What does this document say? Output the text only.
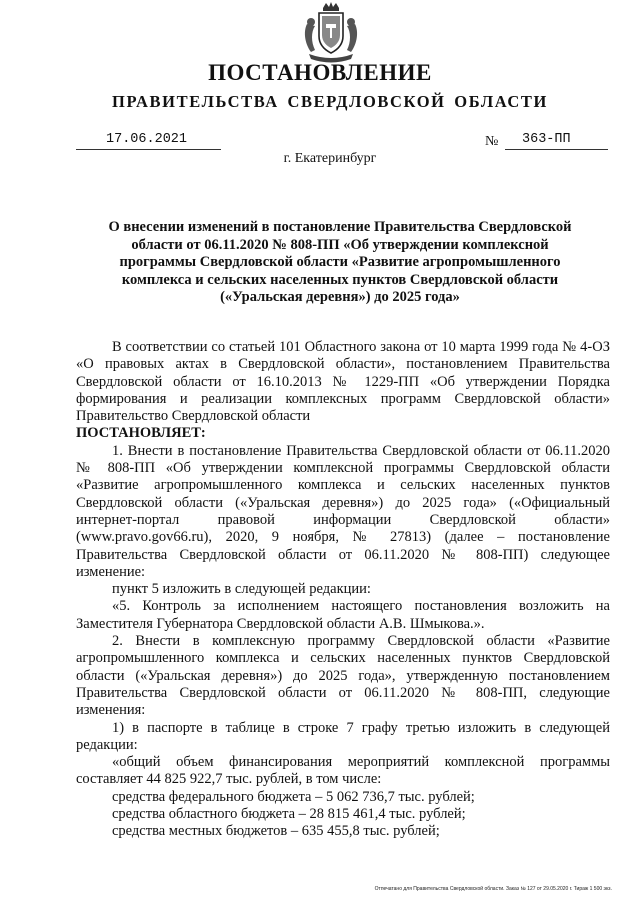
ПОСТАНОВЛЕНИЕ
ПРАВИТЕЛЬСТВА СВЕРДЛОВСКОЙ ОБЛАСТИ
17.06.2021	№ 363-ПП
г. Екатеринбург
О внесении изменений в постановление Правительства Свердловской области от 06.11.2020 № 808-ПП «Об утверждении комплексной программы Свердловской области «Развитие агропромышленного комплекса и сельских населенных пунктов Свердловской области («Уральская деревня») до 2025 года»

В соответствии со статьей 101 Областного закона от 10 марта 1999 года № 4-ОЗ «О правовых актах в Свердловской области», постановлением Правительства Свердловской области от 16.10.2013 № 1229-ПП «Об утверждении Порядка формирования и реализации комплексных программ Свердловской области» Правительство Свердловской области

ПОСТАНОВЛЯЕТ:

1. Внести в постановление Правительства Свердловской области от 06.11.2020 № 808-ПП «Об утверждении комплексной программы Свердловской области «Развитие агропромышленного комплекса и сельских населенных пунктов Свердловской области («Уральская деревня») до 2025 года» («Официальный интернет-портал правовой информации Свердловской области» (www.pravo.gov66.ru), 2020, 9 ноября, № 27813) (далее – постановление Правительства Свердловской области от 06.11.2020 № 808-ПП) следующее изменение:

пункт 5 изложить в следующей редакции:

«5. Контроль за исполнением настоящего постановления возложить на Заместителя Губернатора Свердловской области А.В. Шмыкова.».

2. Внести в комплексную программу Свердловской области «Развитие агропромышленного комплекса и сельских населенных пунктов Свердловской области («Уральская деревня») до 2025 года», утвержденную постановлением Правительства Свердловской области от 06.11.2020 № 808-ПП, следующие изменения:

1) в паспорте в таблице в строке 7 графу третью изложить в следующей редакции:

«общий объем финансирования мероприятий комплексной программы составляет 44 825 922,7 тыс. рублей, в том числе:

средства федерального бюджета – 5 062 736,7 тыс. рублей;

средства областного бюджета – 28 815 461,4 тыс. рублей;

средства местных бюджетов – 635 455,8 тыс. рублей;

Отпечатано для Правительства Свердловской области. Заказ № 127 от 29.05.2020 г. Тираж 1 500 экз.
